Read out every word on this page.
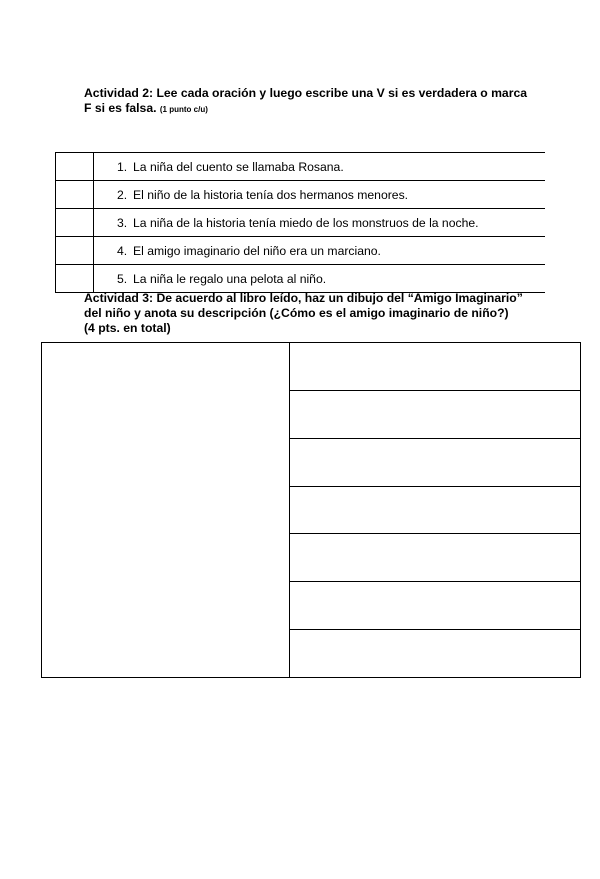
Actividad 2: Lee cada oración y luego escribe una V si es verdadera o marca F si es falsa. (1 punto c/u)

	1. La niña del cuento se llamaba Rosana.
	2. El niño de la historia tenía dos hermanos menores.
	3. La niña de la historia tenía miedo de los monstruos de la noche.
	4. El amigo imaginario del niño era un marciano.
	5. La niña le regalo una pelota al niño.

Actividad 3: De acuerdo al libro leído, haz un dibujo del “Amigo Imaginario”
del niño y anota su descripción (¿Cómo es el amigo imaginario de niño?)
(4 pts. en total)
